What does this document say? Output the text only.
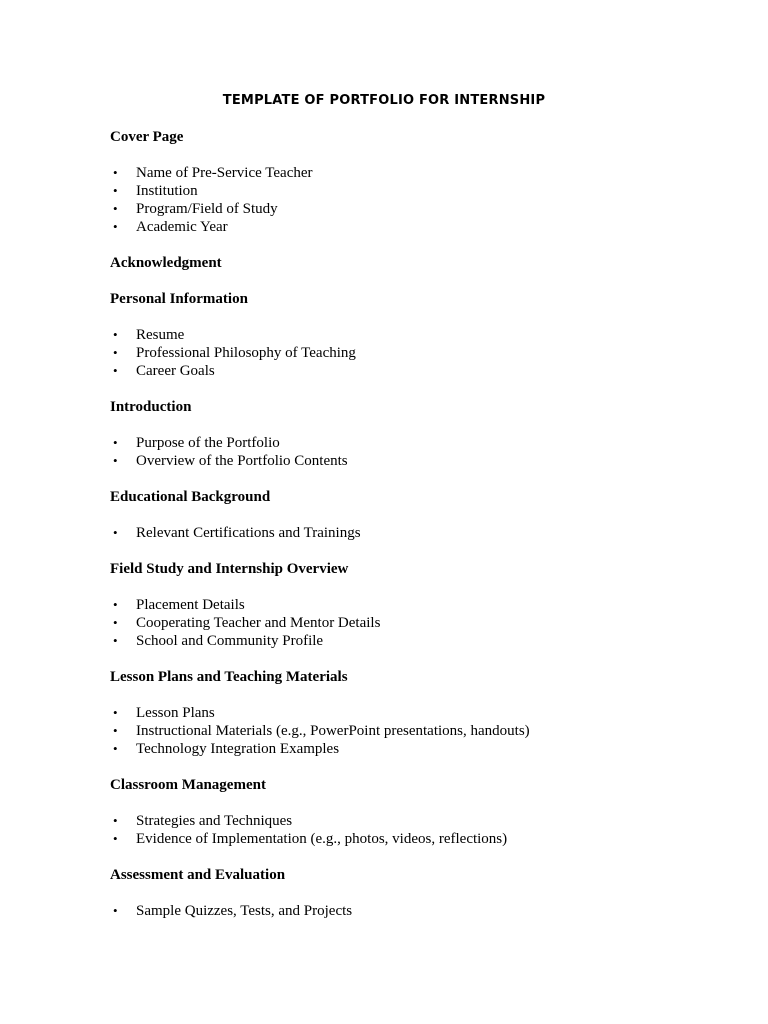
TEMPLATE OF PORTFOLIO FOR INTERNSHIP
Cover Page
• Name of Pre-Service Teacher
• Institution
• Program/Field of Study
• Academic Year
Acknowledgment
Personal Information
• Resume
• Professional Philosophy of Teaching
• Career Goals
Introduction
• Purpose of the Portfolio
• Overview of the Portfolio Contents
Educational Background
• Relevant Certifications and Trainings
Field Study and Internship Overview
• Placement Details
• Cooperating Teacher and Mentor Details
• School and Community Profile
Lesson Plans and Teaching Materials
• Lesson Plans
• Instructional Materials (e.g., PowerPoint presentations, handouts)
• Technology Integration Examples
Classroom Management
• Strategies and Techniques
• Evidence of Implementation (e.g., photos, videos, reflections)
Assessment and Evaluation
• Sample Quizzes, Tests, and Projects
